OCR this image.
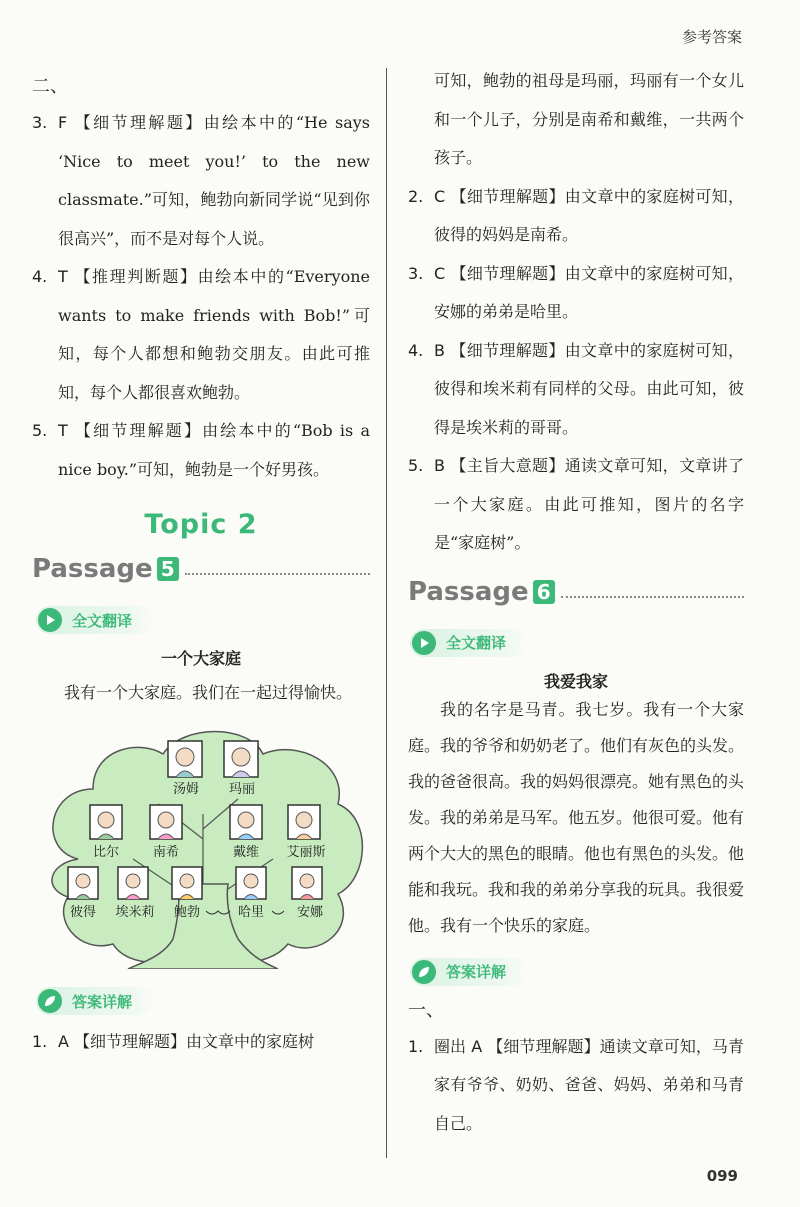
参考答案
二、
3. F 【细节理解题】由绘本中的“He says ‘Nice to meet you!’ to the new classmate.”可知，鲍勃向新同学说“见到你很高兴”，而不是对每个人说。
4. T 【推理判断题】由绘本中的“Everyone wants to make friends with Bob!”可知，每个人都想和鲍勃交朋友。由此可推知，每个人都很喜欢鲍勃。
5. T 【细节理解题】由绘本中的“Bob is a nice boy.”可知，鲍勃是一个好男孩。
Topic 2
Passage 5
全文翻译
一个大家庭
我有一个大家庭。我们在一起过得愉快。
汤姆 玛丽
比尔	南希	戴维 艾丽斯
彼得 埃米莉 鲍勃	哈里	安娜
答案详解
1. A 【细节理解题】由文章中的家庭树
可知，鲍勃的祖母是玛丽，玛丽有一个女儿和一个儿子，分别是南希和戴维，一共两个孩子。
2. C 【细节理解题】由文章中的家庭树可知，彼得的妈妈是南希。
3. C 【细节理解题】由文章中的家庭树可知，安娜的弟弟是哈里。
4. B 【细节理解题】由文章中的家庭树可知，彼得和埃米莉有同样的父母。由此可知，彼得是埃米莉的哥哥。
5. B 【主旨大意题】通读文章可知，文章讲了一个大家庭。由此可推知，图片的名字是“家庭树”。
Passage 6
全文翻译
我爱我家
我的名字是马青。我七岁。我有一个大家庭。我的爷爷和奶奶老了。他们有灰色的头发。我的爸爸很高。我的妈妈很漂亮。她有黑色的头发。我的弟弟是马军。他五岁。他很可爱。他有两个大大的黑色的眼睛。他也有黑色的头发。他能和我玩。我和我的弟弟分享我的玩具。我很爱他。我有一个快乐的家庭。
答案详解
一、
1. 圈出 A 【细节理解题】通读文章可知，马青家有爷爷、奶奶、爸爸、妈妈、弟弟和马青自己。
099
